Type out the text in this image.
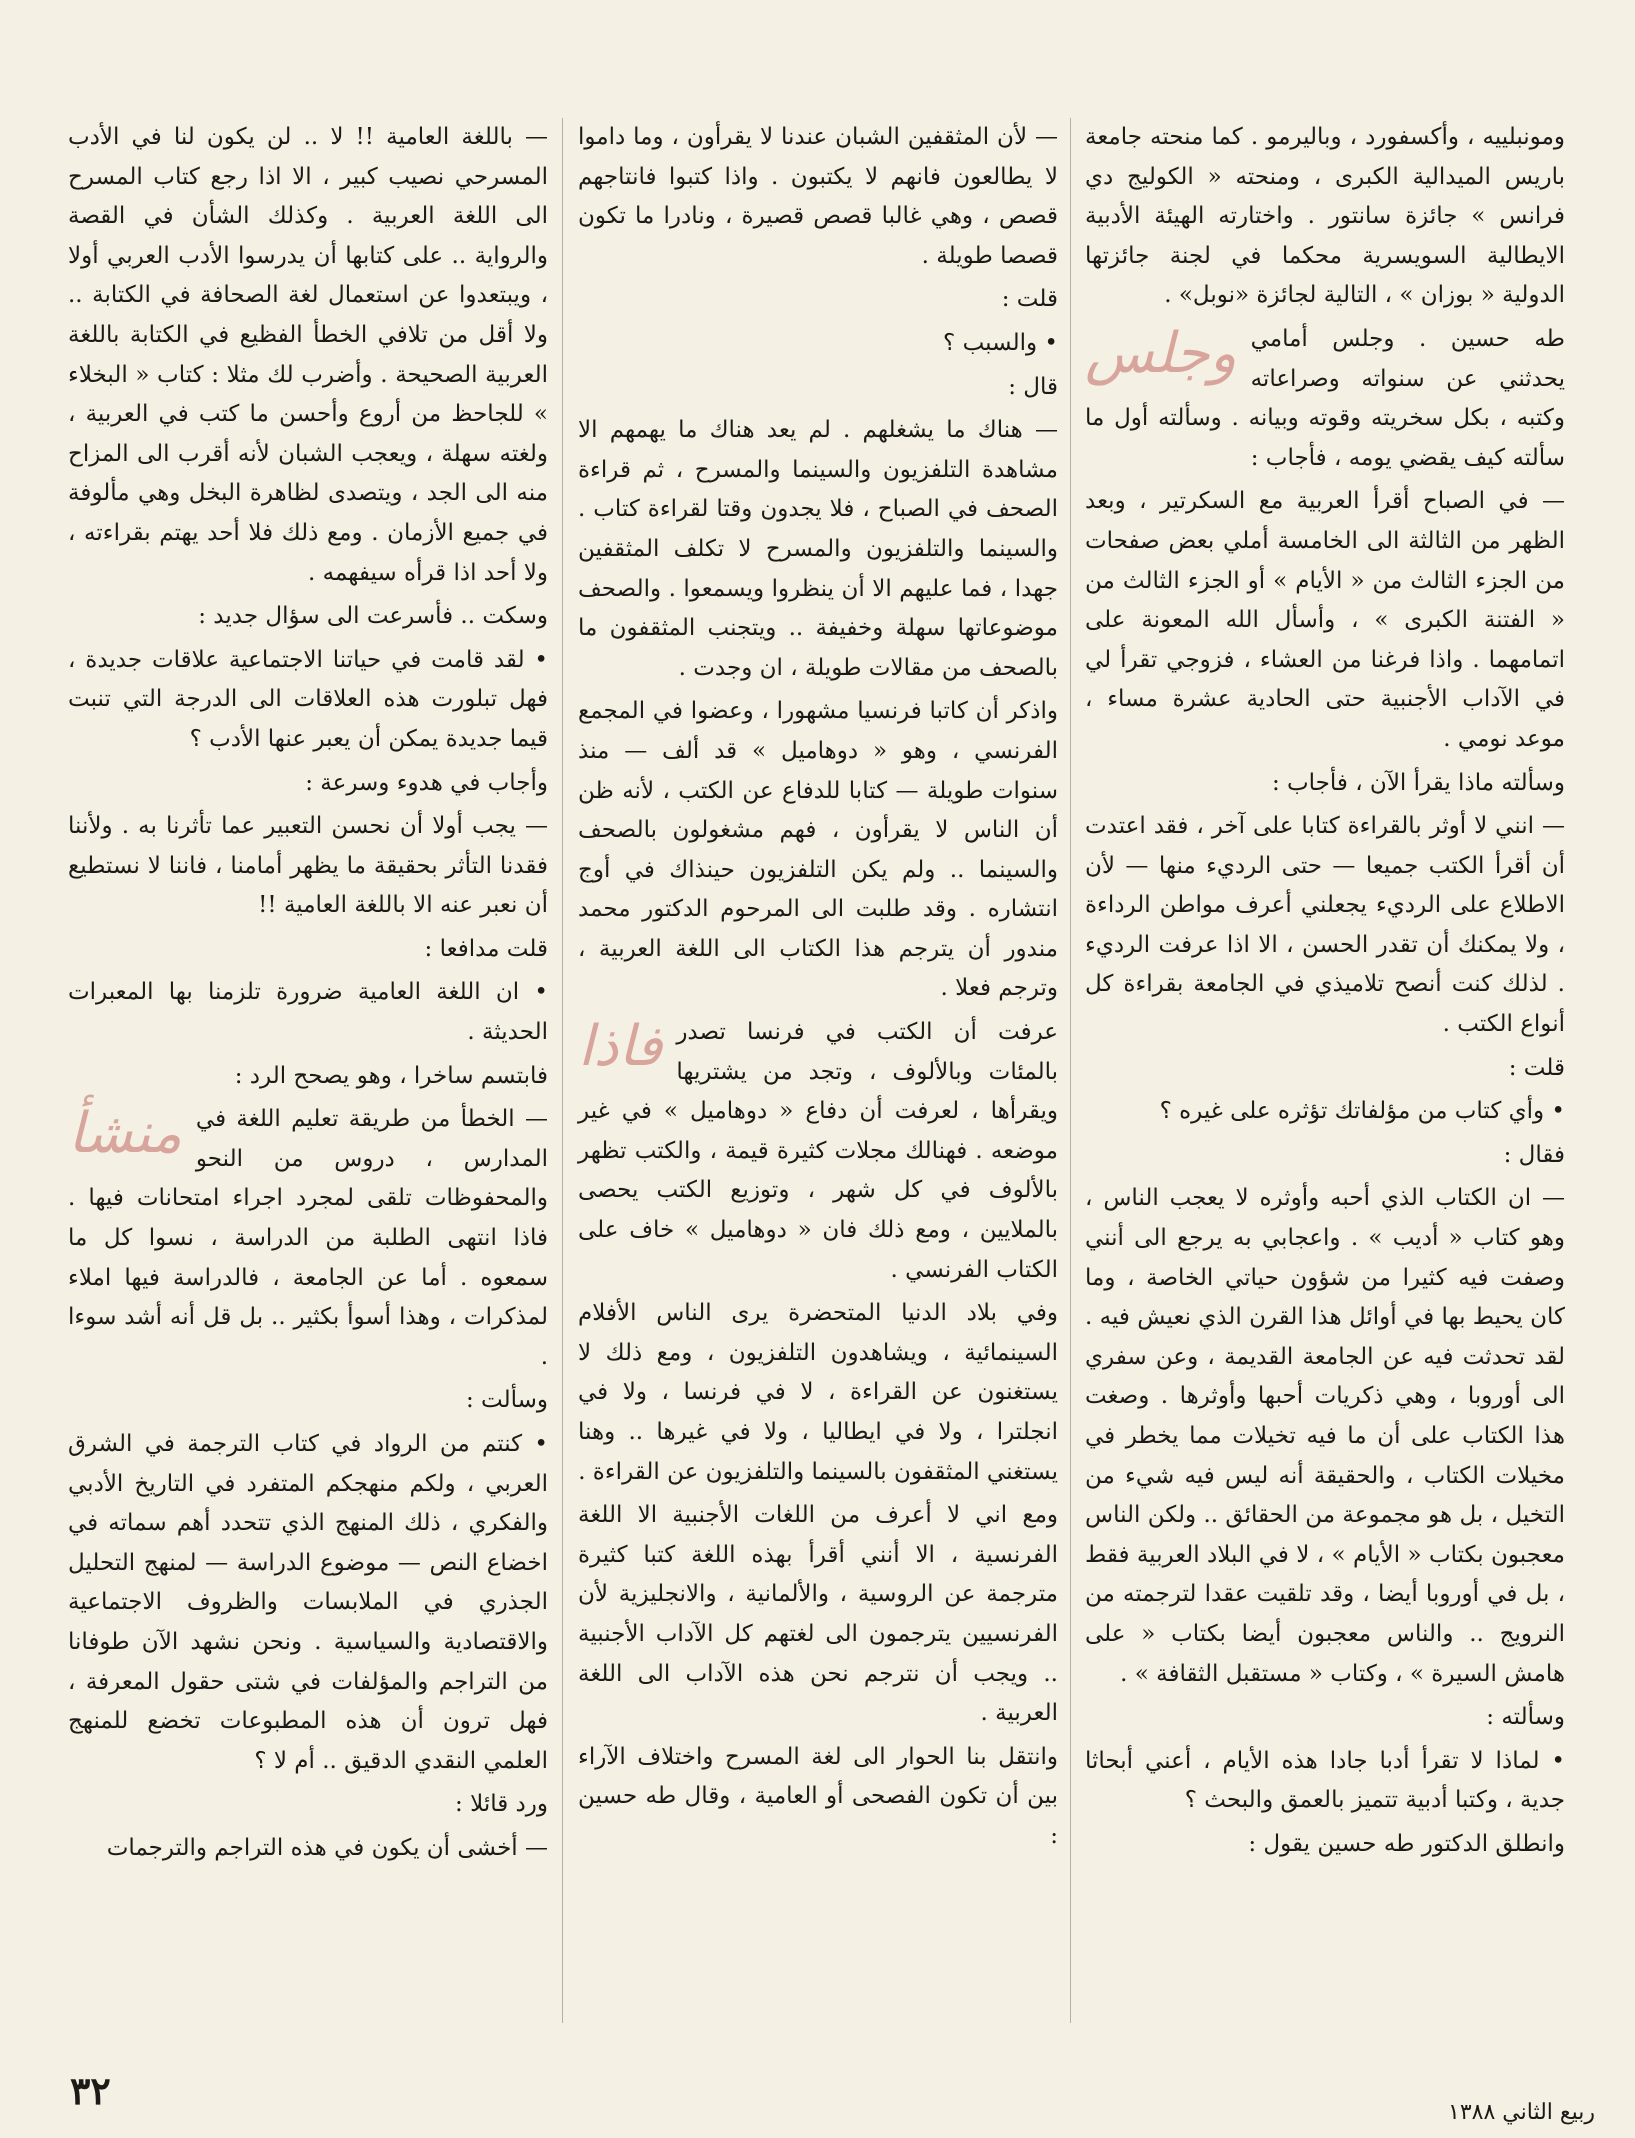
ومونبلييه ، وأكسفورد ، وباليرمو . كما منحته جامعة باريس الميدالية الكبرى ، ومنحته « الكوليج دي فرانس » جائزة سانتور . واختارته الهيئة الأدبية الايطالية السويسرية محكما في لجنة جائزتها الدولية « بوزان » ، التالية لجائزة «نوبل» .

وجلس طه حسين . وجلس أمامي يحدثني عن سنواته وصراعاته وكتبه ، بكل سخريته وقوته وبيانه . وسألته أول ما سألته كيف يقضي يومه ، فأجاب :

— في الصباح أقرأ العربية مع السكرتير ، وبعد الظهر من الثالثة الى الخامسة أملي بعض صفحات من الجزء الثالث من « الأيام » أو الجزء الثالث من « الفتنة الكبرى » ، وأسأل الله المعونة على اتمامهما . واذا فرغنا من العشاء ، فزوجي تقرأ لي في الآداب الأجنبية حتى الحادية عشرة مساء ، موعد نومي .

وسألته ماذا يقرأ الآن ، فأجاب :

— انني لا أوثر بالقراءة كتابا على آخر ، فقد اعتدت أن أقرأ الكتب جميعا — حتى الرديء منها — لأن الاطلاع على الرديء يجعلني أعرف مواطن الرداءة ، ولا يمكنك أن تقدر الحسن ، الا اذا عرفت الرديء . لذلك كنت أنصح تلاميذي في الجامعة بقراءة كل أنواع الكتب .

قلت :

• وأي كتاب من مؤلفاتك تؤثره على غيره ؟

فقال :

— ان الكتاب الذي أحبه وأوثره لا يعجب الناس ، وهو كتاب « أديب » . واعجابي به يرجع الى أنني وصفت فيه كثيرا من شؤون حياتي الخاصة ، وما كان يحيط بها في أوائل هذا القرن الذي نعيش فيه . لقد تحدثت فيه عن الجامعة القديمة ، وعن سفري الى أوروبا ، وهي ذكريات أحبها وأوثرها . وصغت هذا الكتاب على أن ما فيه تخيلات مما يخطر في مخيلات الكتاب ، والحقيقة أنه ليس فيه شيء من التخيل ، بل هو مجموعة من الحقائق .. ولكن الناس معجبون بكتاب « الأيام » ، لا في البلاد العربية فقط ، بل في أوروبا أيضا ، وقد تلقيت عقدا لترجمته من النرويج .. والناس معجبون أيضا بكتاب « على هامش السيرة » ، وكتاب « مستقبل الثقافة » .

وسألته :

• لماذا لا تقرأ أدبا جادا هذه الأيام ، أعني أبحاثا جدية ، وكتبا أدبية تتميز بالعمق والبحث ؟

وانطلق الدكتور طه حسين يقول :

— لأن المثقفين الشبان عندنا لا يقرأون ، وما داموا لا يطالعون فانهم لا يكتبون . واذا كتبوا فانتاجهم قصص ، وهي غالبا قصص قصيرة ، ونادرا ما تكون قصصا طويلة .

قلت :

• والسبب ؟

قال :

— هناك ما يشغلهم . لم يعد هناك ما يهمهم الا مشاهدة التلفزيون والسينما والمسرح ، ثم قراءة الصحف في الصباح ، فلا يجدون وقتا لقراءة كتاب . والسينما والتلفزيون والمسرح لا تكلف المثقفين جهدا ، فما عليهم الا أن ينظروا ويسمعوا . والصحف موضوعاتها سهلة وخفيفة .. ويتجنب المثقفون ما بالصحف من مقالات طويلة ، ان وجدت .

واذكر أن كاتبا فرنسيا مشهورا ، وعضوا في المجمع الفرنسي ، وهو « دوهاميل » قد ألف — منذ سنوات طويلة — كتابا للدفاع عن الكتب ، لأنه ظن أن الناس لا يقرأون ، فهم مشغولون بالصحف والسينما .. ولم يكن التلفزيون حينذاك في أوج انتشاره . وقد طلبت الى المرحوم الدكتور محمد مندور أن يترجم هذا الكتاب الى اللغة العربية ، وترجم فعلا .

فاذا عرفت أن الكتب في فرنسا تصدر بالمئات وبالألوف ، وتجد من يشتريها ويقرأها ، لعرفت أن دفاع « دوهاميل » في غير موضعه . فهنالك مجلات كثيرة قيمة ، والكتب تظهر بالألوف في كل شهر ، وتوزيع الكتب يحصى بالملايين ، ومع ذلك فان « دوهاميل » خاف على الكتاب الفرنسي .

وفي بلاد الدنيا المتحضرة يرى الناس الأفلام السينمائية ، ويشاهدون التلفزيون ، ومع ذلك لا يستغنون عن القراءة ، لا في فرنسا ، ولا في انجلترا ، ولا في ايطاليا ، ولا في غيرها .. وهنا يستغني المثقفون بالسينما والتلفزيون عن القراءة .

ومع اني لا أعرف من اللغات الأجنبية الا اللغة الفرنسية ، الا أنني أقرأ بهذه اللغة كتبا كثيرة مترجمة عن الروسية ، والألمانية ، والانجليزية لأن الفرنسيين يترجمون الى لغتهم كل الآداب الأجنبية .. ويجب أن نترجم نحن هذه الآداب الى اللغة العربية .

وانتقل بنا الحوار الى لغة المسرح واختلاف الآراء بين أن تكون الفصحى أو العامية ، وقال طه حسين :

— باللغة العامية !! لا .. لن يكون لنا في الأدب المسرحي نصيب كبير ، الا اذا رجع كتاب المسرح الى اللغة العربية . وكذلك الشأن في القصة والرواية .. على كتابها أن يدرسوا الأدب العربي أولا ، ويبتعدوا عن استعمال لغة الصحافة في الكتابة .. ولا أقل من تلافي الخطأ الفظيع في الكتابة باللغة العربية الصحيحة . وأضرب لك مثلا : كتاب « البخلاء » للجاحظ من أروع وأحسن ما كتب في العربية ، ولغته سهلة ، ويعجب الشبان لأنه أقرب الى المزاح منه الى الجد ، ويتصدى لظاهرة البخل وهي مألوفة في جميع الأزمان . ومع ذلك فلا أحد يهتم بقراءته ، ولا أحد اذا قرأه سيفهمه .

وسكت .. فأسرعت الى سؤال جديد :

• لقد قامت في حياتنا الاجتماعية علاقات جديدة ، فهل تبلورت هذه العلاقات الى الدرجة التي تنبت قيما جديدة يمكن أن يعبر عنها الأدب ؟

وأجاب في هدوء وسرعة :

— يجب أولا أن نحسن التعبير عما تأثرنا به . ولأننا فقدنا التأثر بحقيقة ما يظهر أمامنا ، فاننا لا نستطيع أن نعبر عنه الا باللغة العامية !!

قلت مدافعا :

• ان اللغة العامية ضرورة تلزمنا بها المعبرات الحديثة .

فابتسم ساخرا ، وهو يصحح الرد :

منشأ — الخطأ من طريقة تعليم اللغة في المدارس ، دروس من النحو والمحفوظات تلقى لمجرد اجراء امتحانات فيها . فاذا انتهى الطلبة من الدراسة ، نسوا كل ما سمعوه . أما عن الجامعة ، فالدراسة فيها املاء لمذكرات ، وهذا أسوأ بكثير .. بل قل أنه أشد سوءا .

وسألت :

• كنتم من الرواد في كتاب الترجمة في الشرق العربي ، ولكم منهجكم المتفرد في التاريخ الأدبي والفكري ، ذلك المنهج الذي تتحدد أهم سماته في اخضاع النص — موضوع الدراسة — لمنهج التحليل الجذري في الملابسات والظروف الاجتماعية والاقتصادية والسياسية . ونحن نشهد الآن طوفانا من التراجم والمؤلفات في شتى حقول المعرفة ، فهل ترون أن هذه المطبوعات تخضع للمنهج العلمي النقدي الدقيق .. أم لا ؟

ورد قائلا :

— أخشى أن يكون في هذه التراجم والترجمات

٣٢	ربيع الثاني ١٣٨٨
